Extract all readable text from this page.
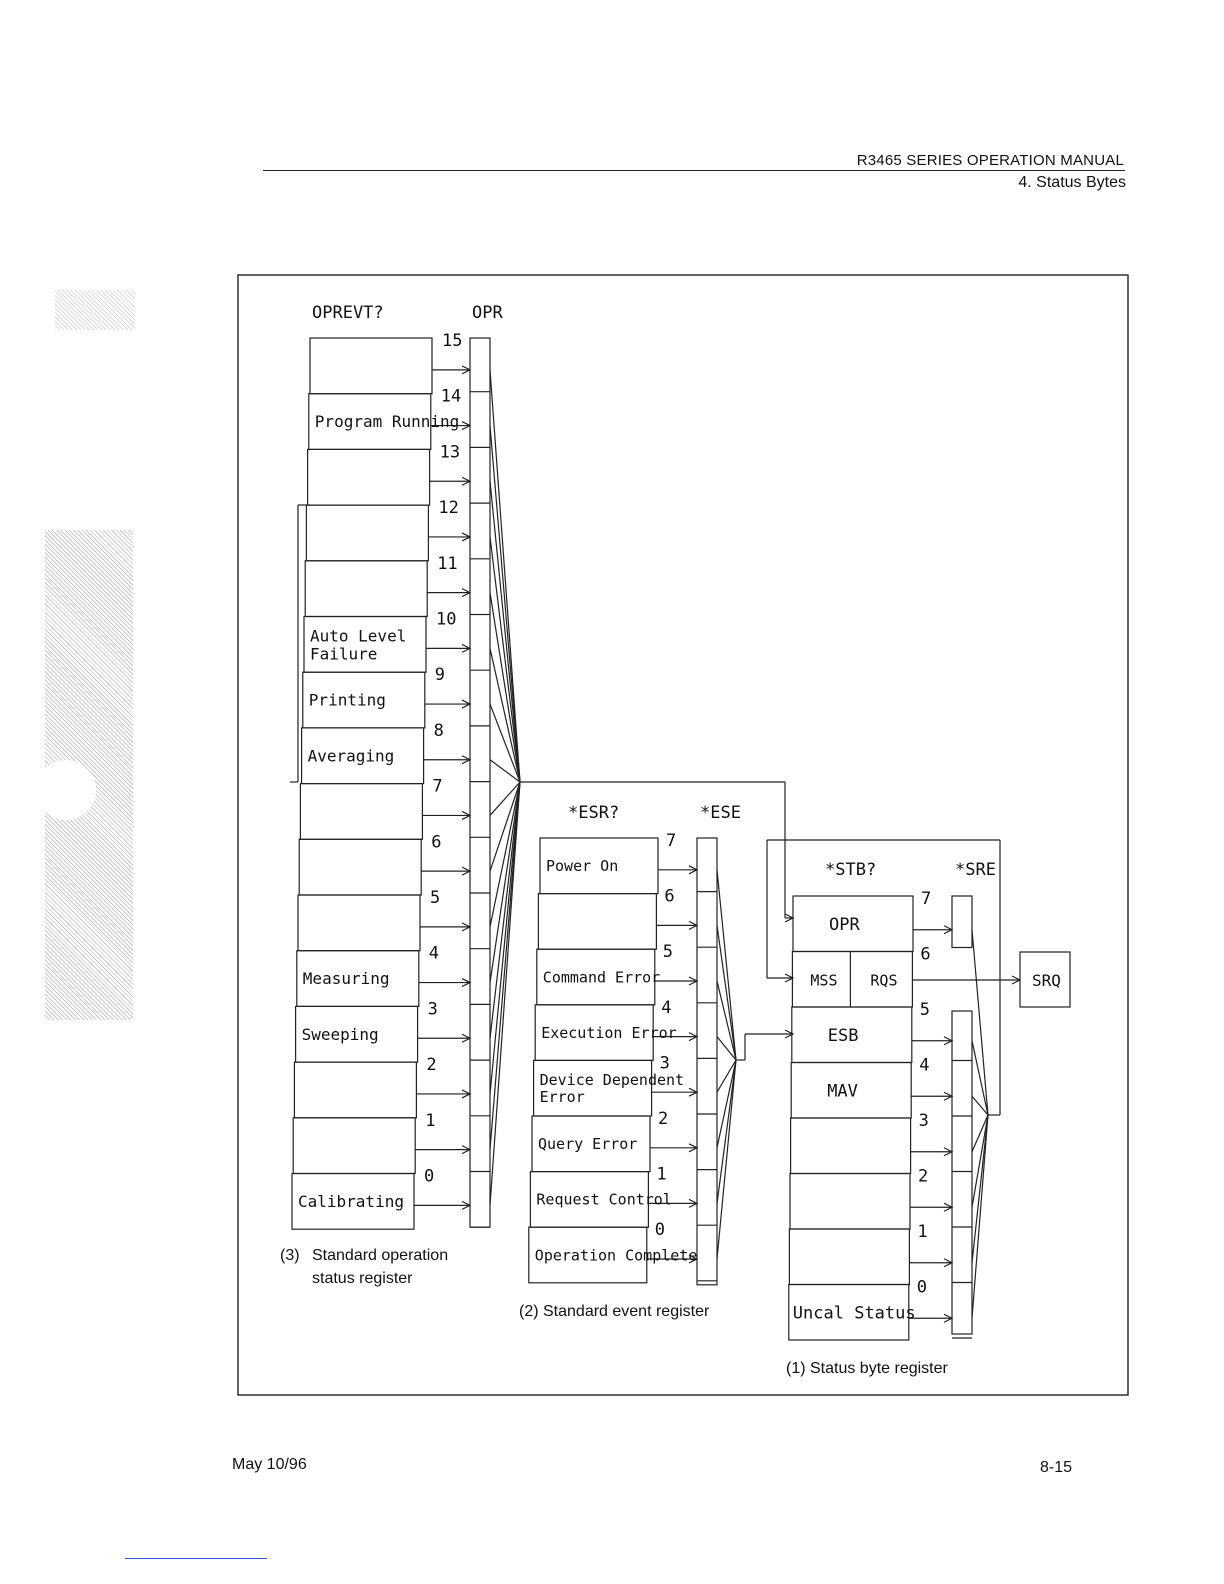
R3465 SERIES OPERATION MANUAL
4. Status Bytes
OPREVT?	OPR
15
Program Running
14
13
12
11
Auto Level
Failure
10
Printing
9
Averaging
8
7
6
5
Measuring
4
Sweeping
3
2
1
Calibrating
0
*ESR?	*ESE
Power On
7
6
Command Error
5
Execution Error
4
Device Dependent
Error
3
Query Error
2
Request Control
1
Operation Complete
0
*STB?	*SRE
OPR
7
MSS RQS
6
ESB
5
MAV
4
3
2
1
Uncal Status
0
SRQ
(3) Standard operation
status register
(2) Standard event register
(1) Status byte register
May 10/96	8-15
